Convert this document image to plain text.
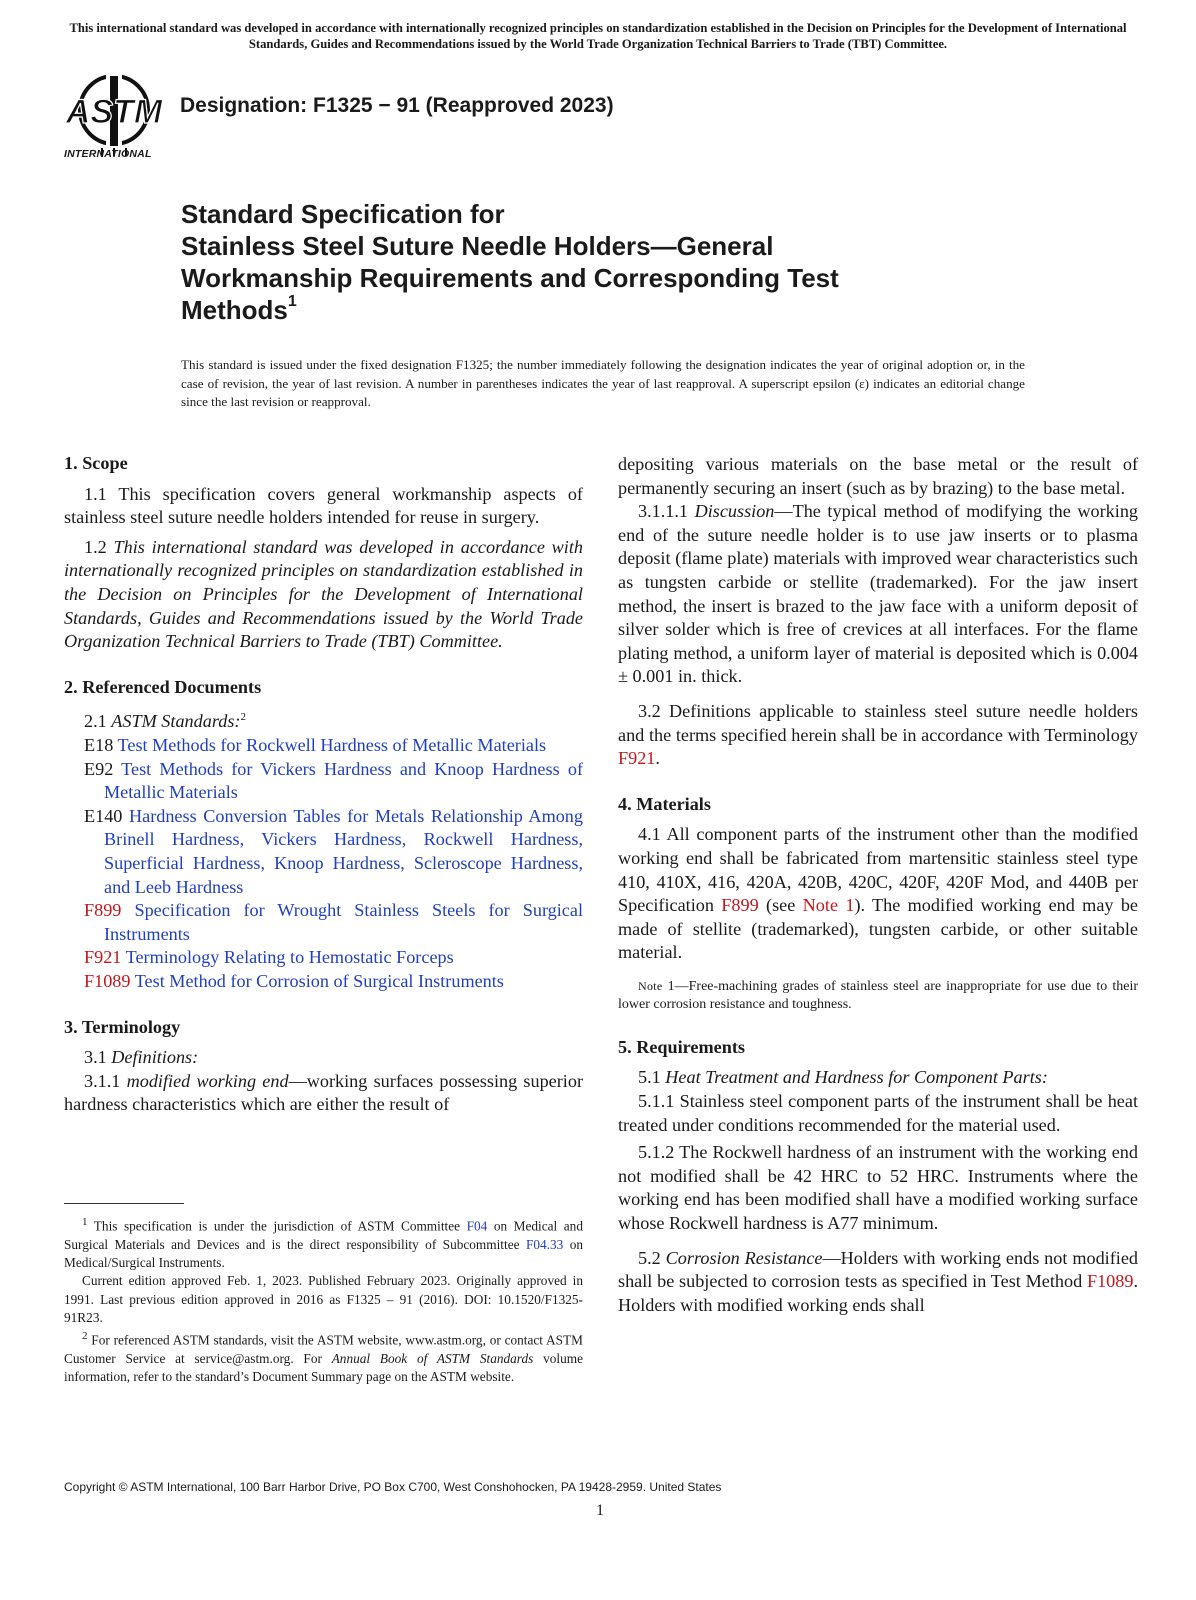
This international standard was developed in accordance with internationally recognized principles on standardization established in the Decision on Principles for the Development of International Standards, Guides and Recommendations issued by the World Trade Organization Technical Barriers to Trade (TBT) Committee.
ASTM
INTERNATIONAL
Designation: F1325 − 91 (Reapproved 2023)
Standard Specification for
Stainless Steel Suture Needle Holders—General
Workmanship Requirements and Corresponding Test
Methods$^1$
This standard is issued under the fixed designation F1325; the number immediately following the designation indicates the year of original adoption or, in the case of revision, the year of last revision. A number in parentheses indicates the year of last reapproval. A superscript epsilon (ε) indicates an editorial change since the last revision or reapproval.
1. Scope
1.1 This specification covers general workmanship aspects of stainless steel suture needle holders intended for reuse in surgery.
1.2 This international standard was developed in accordance with internationally recognized principles on standardization established in the Decision on Principles for the Development of International Standards, Guides and Recommendations issued by the World Trade Organization Technical Barriers to Trade (TBT) Committee.
2. Referenced Documents
2.1 ASTM Standards:$^2$
E18 Test Methods for Rockwell Hardness of Metallic Materials
E92 Test Methods for Vickers Hardness and Knoop Hardness of Metallic Materials
E140 Hardness Conversion Tables for Metals Relationship Among Brinell Hardness, Vickers Hardness, Rockwell Hardness, Superficial Hardness, Knoop Hardness, Scleroscope Hardness, and Leeb Hardness
F899 Specification for Wrought Stainless Steels for Surgical Instruments
F921 Terminology Relating to Hemostatic Forceps
F1089 Test Method for Corrosion of Surgical Instruments
3. Terminology
3.1 Definitions:
3.1.1 modified working end—working surfaces possessing superior hardness characteristics which are either the result of
$^1$ This specification is under the jurisdiction of ASTM Committee F04 on Medical and Surgical Materials and Devices and is the direct responsibility of Subcommittee F04.33 on Medical/Surgical Instruments.
Current edition approved Feb. 1, 2023. Published February 2023. Originally approved in 1991. Last previous edition approved in 2016 as F1325 – 91 (2016). DOI: 10.1520/F1325-91R23.
$^2$ For referenced ASTM standards, visit the ASTM website, www.astm.org, or contact ASTM Customer Service at service@astm.org. For Annual Book of ASTM Standards volume information, refer to the standard’s Document Summary page on the ASTM website.
depositing various materials on the base metal or the result of permanently securing an insert (such as by brazing) to the base metal.
3.1.1.1 Discussion—The typical method of modifying the working end of the suture needle holder is to use jaw inserts or to plasma deposit (flame plate) materials with improved wear characteristics such as tungsten carbide or stellite (trademarked). For the jaw insert method, the insert is brazed to the jaw face with a uniform deposit of silver solder which is free of crevices at all interfaces. For the flame plating method, a uniform layer of material is deposited which is 0.004 ± 0.001 in. thick.
3.2 Definitions applicable to stainless steel suture needle holders and the terms specified herein shall be in accordance with Terminology F921.
4. Materials
4.1 All component parts of the instrument other than the modified working end shall be fabricated from martensitic stainless steel type 410, 410X, 416, 420A, 420B, 420C, 420F, 420F Mod, and 440B per Specification F899 (see Note 1). The modified working end may be made of stellite (trademarked), tungsten carbide, or other suitable material.
Note 1—Free-machining grades of stainless steel are inappropriate for use due to their lower corrosion resistance and toughness.
5. Requirements
5.1 Heat Treatment and Hardness for Component Parts:
5.1.1 Stainless steel component parts of the instrument shall be heat treated under conditions recommended for the material used.
5.1.2 The Rockwell hardness of an instrument with the working end not modified shall be 42 HRC to 52 HRC. Instruments where the working end has been modified shall have a modified working surface whose Rockwell hardness is A77 minimum.
5.2 Corrosion Resistance—Holders with working ends not modified shall be subjected to corrosion tests as specified in Test Method F1089. Holders with modified working ends shall
Copyright © ASTM International, 100 Barr Harbor Drive, PO Box C700, West Conshohocken, PA 19428-2959. United States
1
